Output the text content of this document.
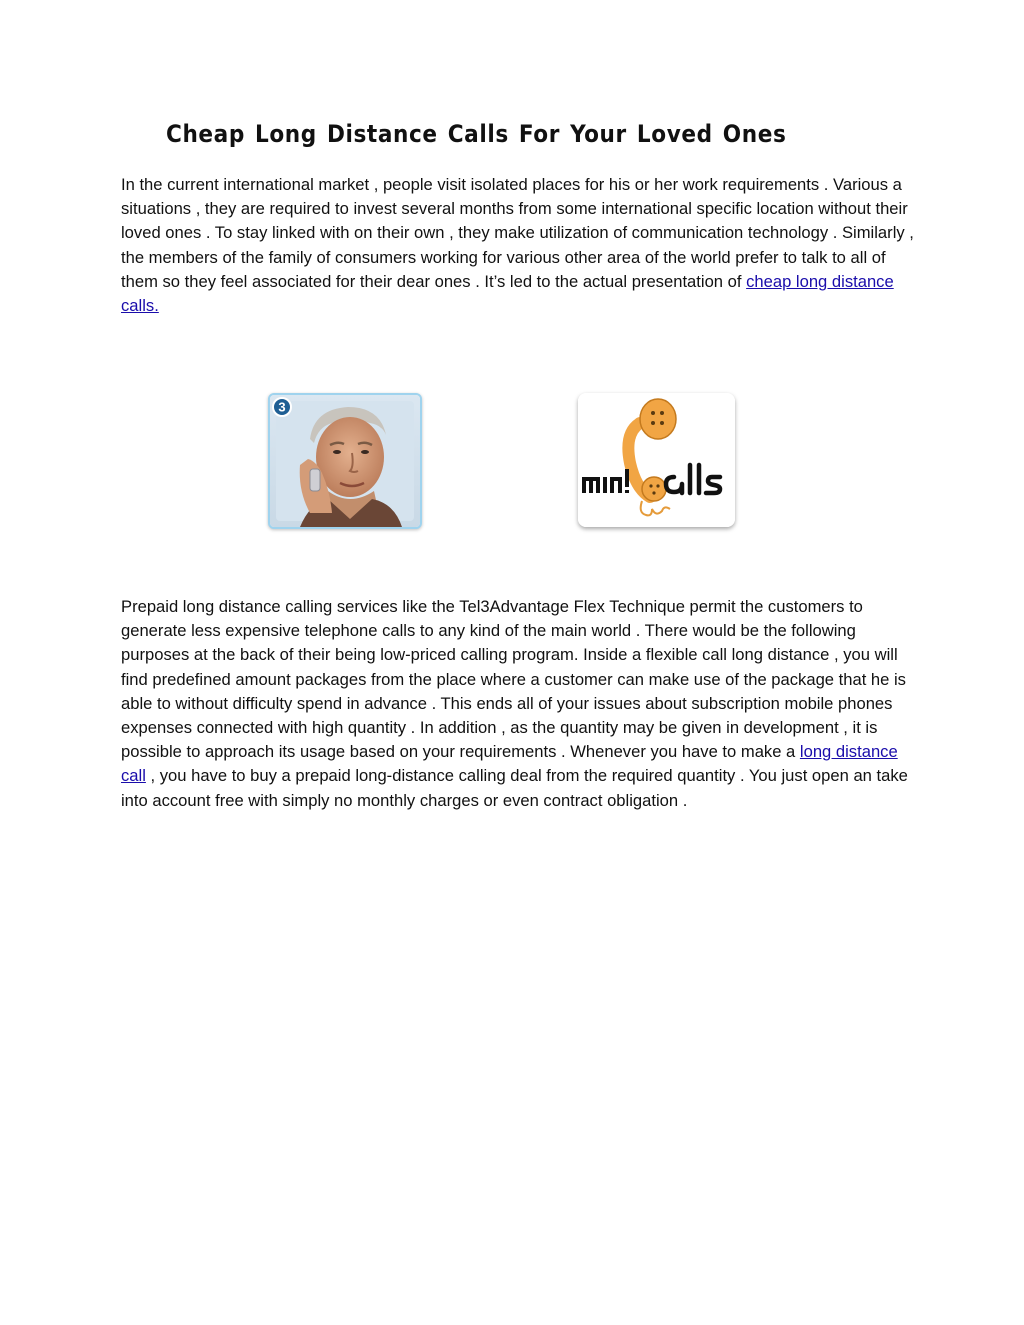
Cheap Long Distance Calls For Your Loved Ones

In the current international market , people visit isolated places for his or her work requirements . Various a situations , they are required to invest several months from some international specific location without their loved ones . To stay linked with on their own , they make utilization of communication technology . Similarly , the members of the family of consumers working for various other area of the world prefer to talk to all of them so they feel associated for their dear ones . It’s led to the actual presentation of cheap long distance calls.

3

Prepaid long distance calling services like the Tel3Advantage Flex Technique permit the customers to generate less expensive telephone calls to any kind of the main world . There would be the following purposes at the back of their being low-priced calling program. Inside a flexible call long distance , you will find predefined amount packages from the place where a customer can make use of the package that he is able to without difficulty spend in advance . This ends all of your issues about subscription mobile phones expenses connected with high quantity . In addition , as the quantity may be given in development , it is possible to approach its usage based on your requirements . Whenever you have to make a long distance call , you have to buy a prepaid long-distance calling deal from the required quantity . You just open an take into account free with simply no monthly charges or even contract obligation .
